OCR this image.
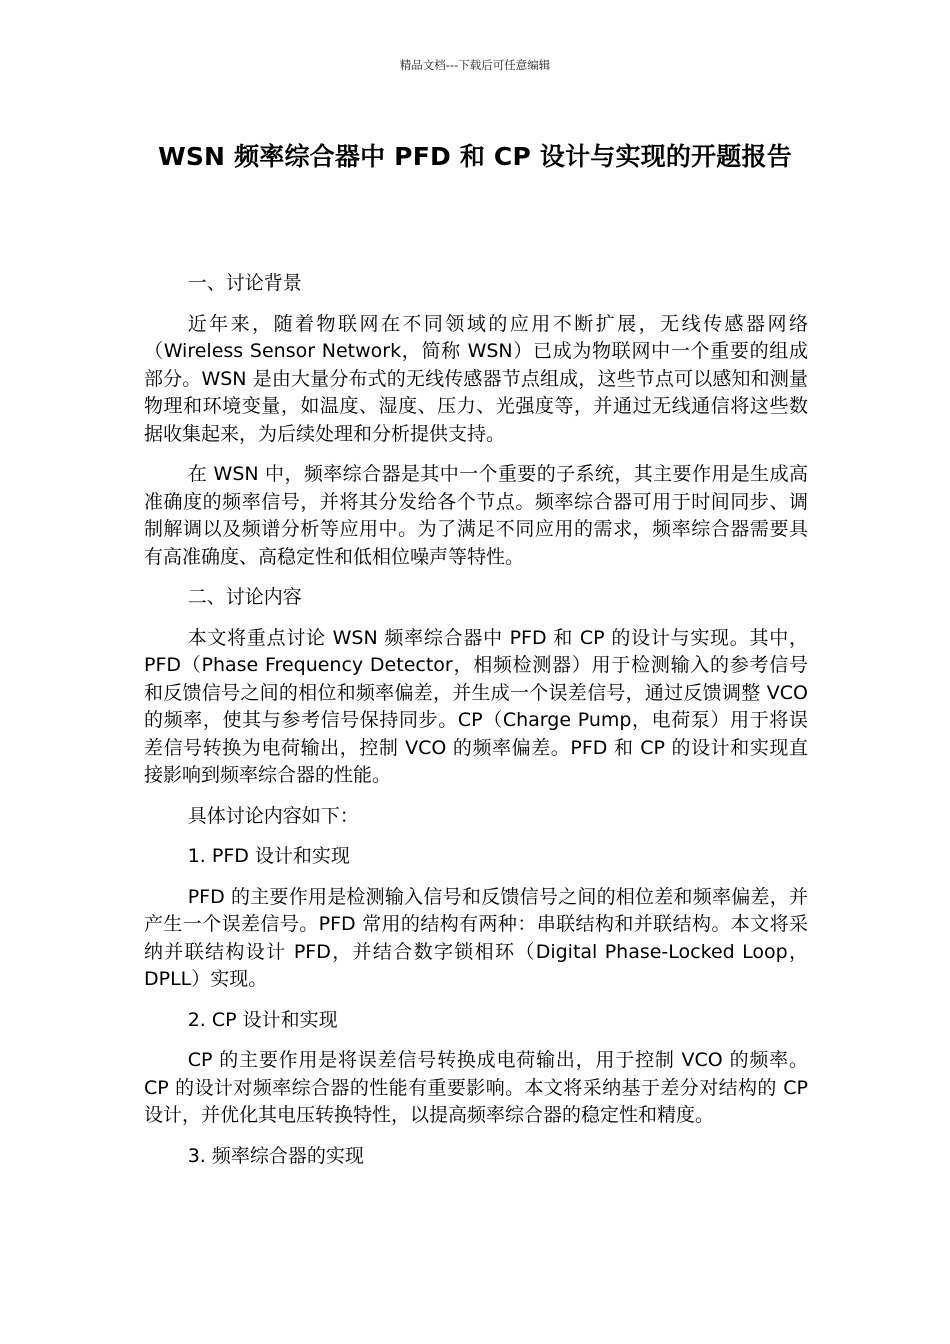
精品文档---下载后可任意编辑
WSN 频率综合器中 PFD 和 CP 设计与实现的开题报告

一、讨论背景

近年来，随着物联网在不同领域的应用不断扩展，无线传感器网络（Wireless Sensor Network，简称 WSN）已成为物联网中一个重要的组成部分。WSN 是由大量分布式的无线传感器节点组成，这些节点可以感知和测量物理和环境变量，如温度、湿度、压力、光强度等，并通过无线通信将这些数据收集起来，为后续处理和分析提供支持。

在 WSN 中，频率综合器是其中一个重要的子系统，其主要作用是生成高准确度的频率信号，并将其分发给各个节点。频率综合器可用于时间同步、调制解调以及频谱分析等应用中。为了满足不同应用的需求，频率综合器需要具有高准确度、高稳定性和低相位噪声等特性。

二、讨论内容

本文将重点讨论 WSN 频率综合器中 PFD 和 CP 的设计与实现。其中，PFD（Phase Frequency Detector，相频检测器）用于检测输入的参考信号和反馈信号之间的相位和频率偏差，并生成一个误差信号，通过反馈调整 VCO 的频率，使其与参考信号保持同步。CP（Charge Pump，电荷泵）用于将误差信号转换为电荷输出，控制 VCO 的频率偏差。PFD 和 CP 的设计和实现直接影响到频率综合器的性能。

具体讨论内容如下：

1. PFD 设计和实现

PFD 的主要作用是检测输入信号和反馈信号之间的相位差和频率偏差，并产生一个误差信号。PFD 常用的结构有两种：串联结构和并联结构。本文将采纳并联结构设计 PFD，并结合数字锁相环（Digital Phase-Locked Loop，DPLL）实现。

2. CP 设计和实现

CP 的主要作用是将误差信号转换成电荷输出，用于控制 VCO 的频率。CP 的设计对频率综合器的性能有重要影响。本文将采纳基于差分对结构的 CP 设计，并优化其电压转换特性，以提高频率综合器的稳定性和精度。

3. 频率综合器的实现
